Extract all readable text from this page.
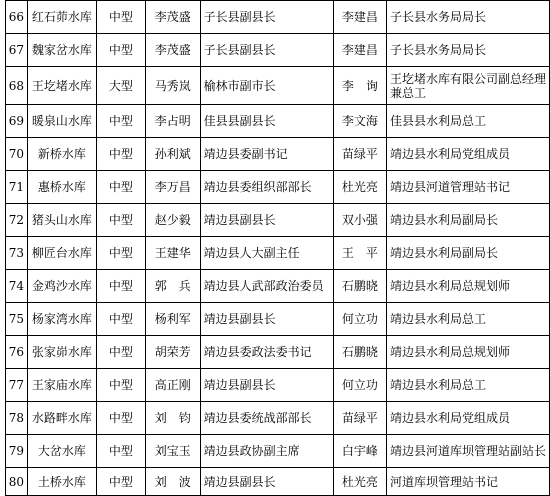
66	红石茆水库	中型	李茂盛	子长县副县长	李建昌	子长县水务局局长
67	魏家岔水库	中型	李茂盛	子长县副县长	李建昌	子长县水务局局长
68	王圪堵水库	大型	马秀岚	榆林市副市长	李　询	王圪堵水库有限公司副总经理兼总工
69	暖泉山水库	中型	李占明	佳县县副县长	李文海	佳县县水利局总工
70	新桥水库	中型	孙利斌	靖边县委副书记	苗绿平	靖边县水利局党组成员
71	惠桥水库	中型	李万昌	靖边县委组织部部长	杜光亮	靖边县河道管理站书记
72	猪头山水库	中型	赵少毅	靖边县副县长	双小强	靖边县水利局副局长
73	柳匠台水库	中型	王建华	靖边县人大副主任	王　平	靖边县水利局副局长
74	金鸡沙水库	中型	郭　兵	靖边县人武部政治委员	石鹏晓	靖边县水利局总规划师
75	杨家湾水库	中型	杨利军	靖边县副县长	何立功	靖边县水利局总工
76	张家峁水库	中型	胡荣芳	靖边县委政法委书记	石鹏晓	靖边县水利局总规划师
77	王家庙水库	中型	高正刚	靖边县副县长	何立功	靖边县水利局总工
78	水路畔水库	中型	刘　钧	靖边县委统战部部长	苗绿平	靖边县水利局党组成员
79	大岔水库	中型	刘宝玉	靖边县政协副主席	白宇峰	靖边县河道库坝管理站副站长
80	土桥水库	中型	刘　波	靖边县副县长	杜光亮	河道库坝管理站书记
